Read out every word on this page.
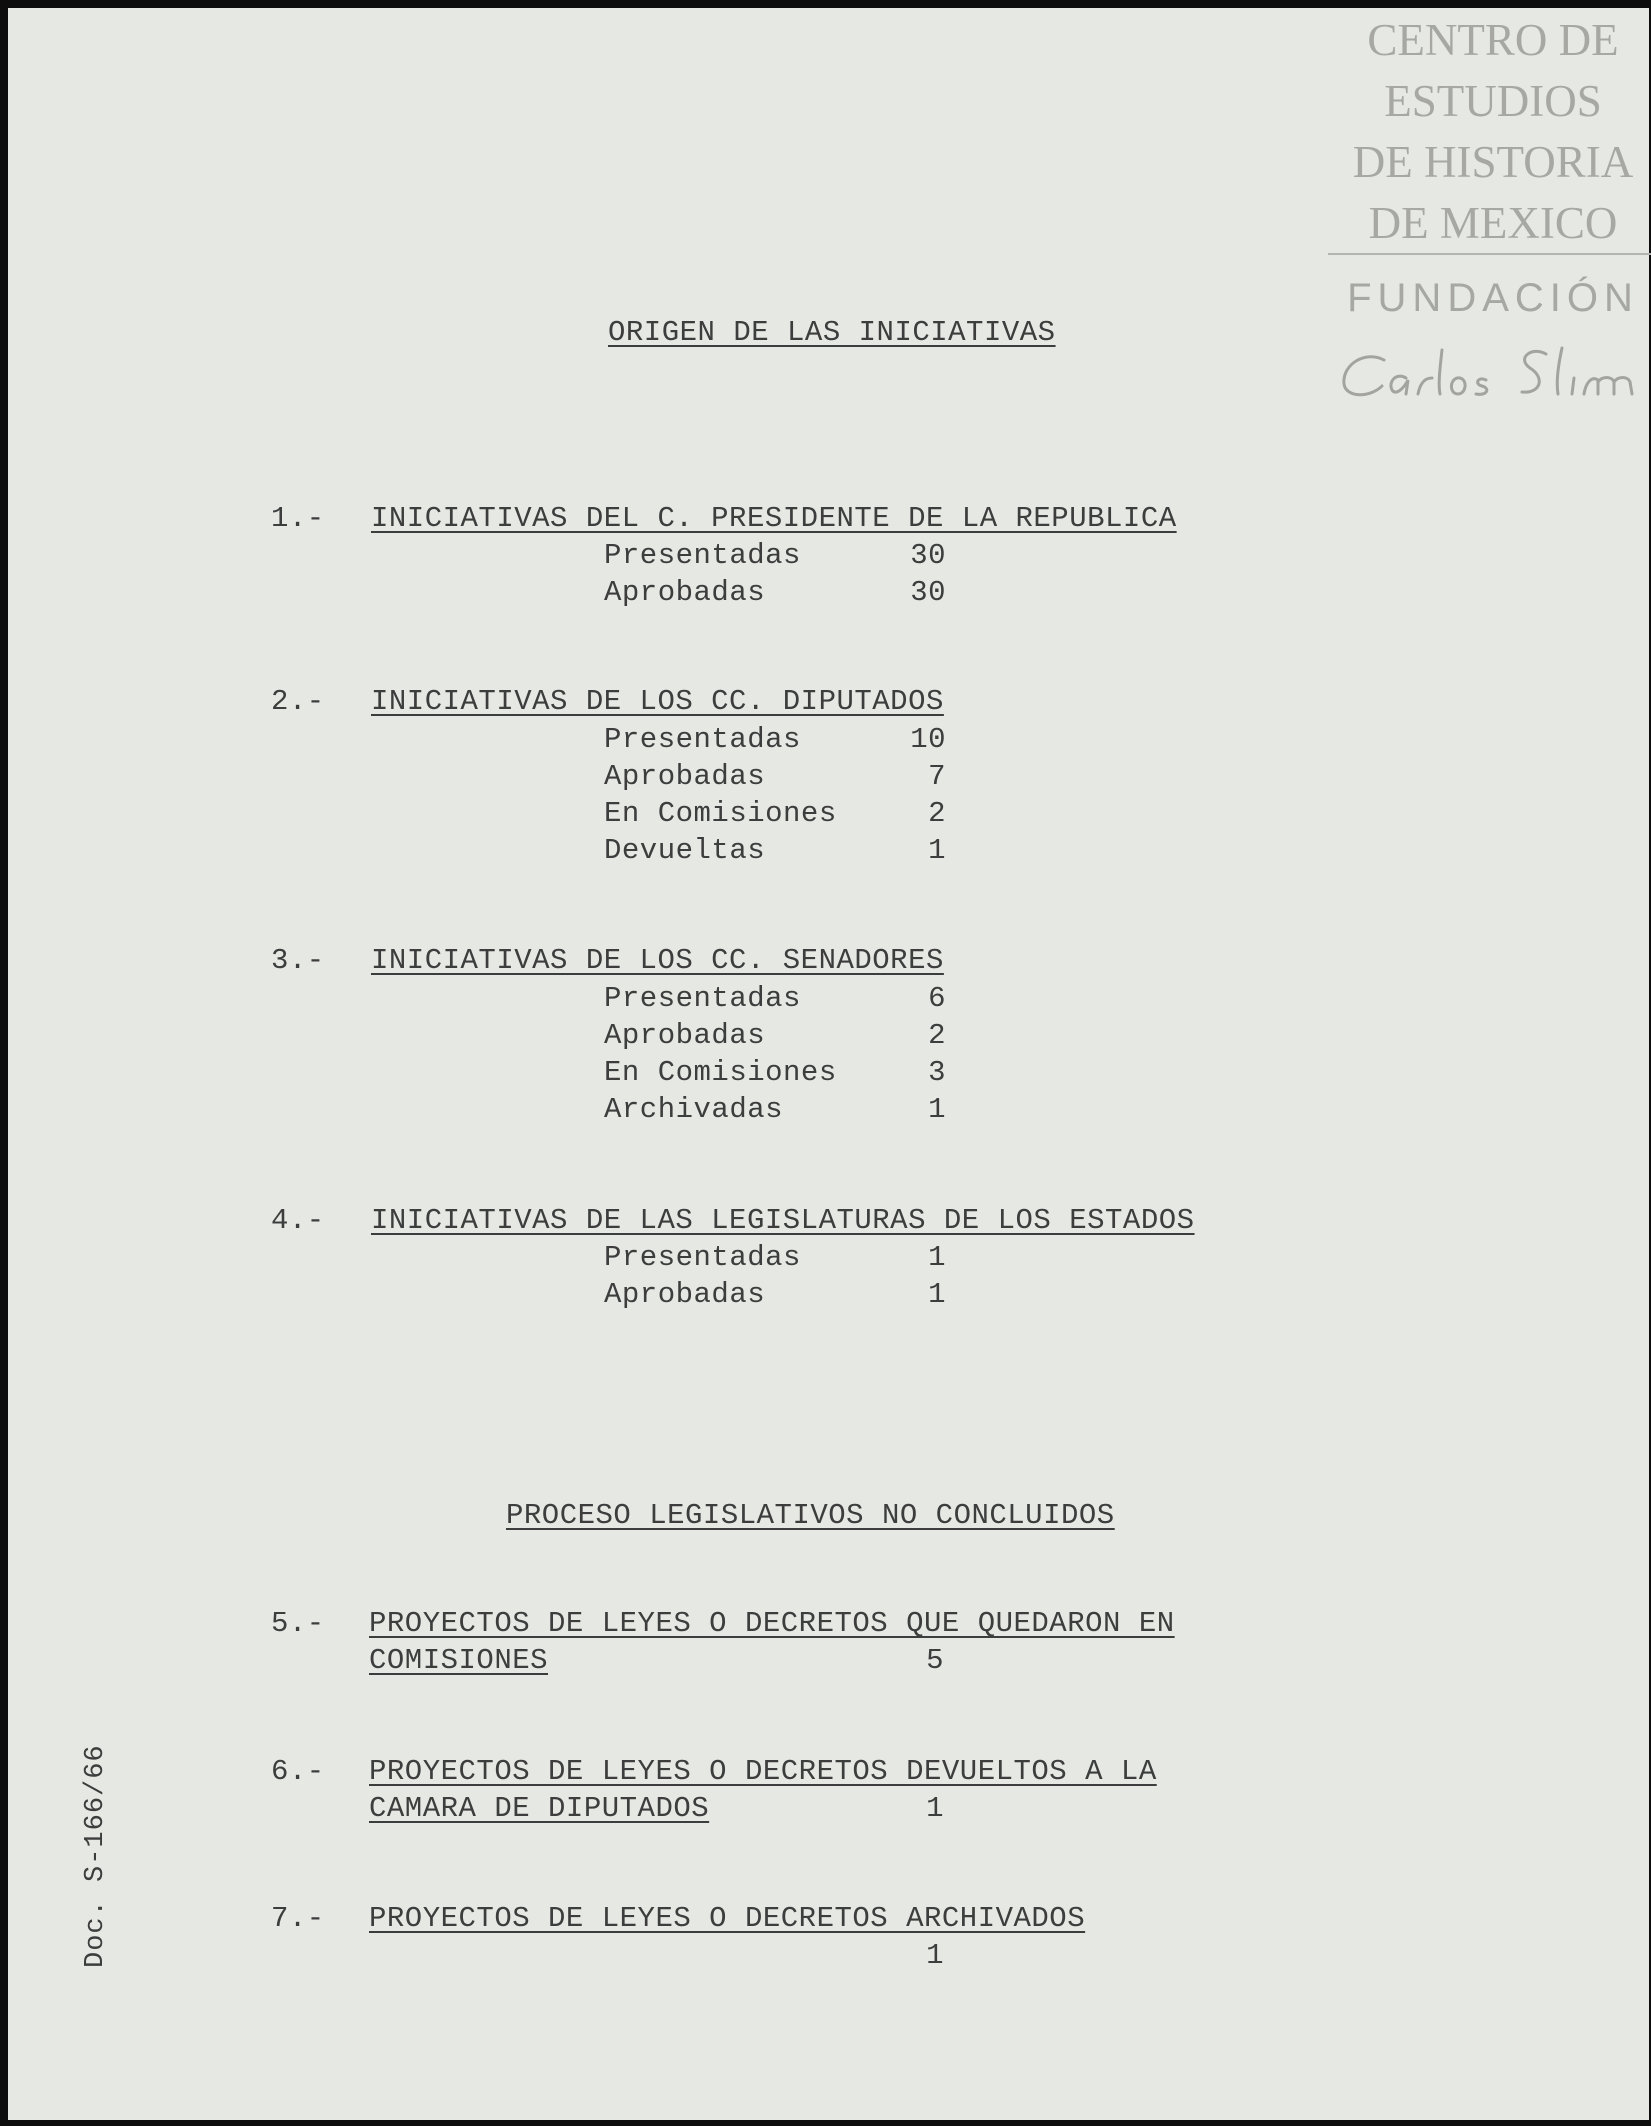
CENTRO DE
ESTUDIOS
DE HISTORIA
DE MEXICO
FUNDACIÓN
ORIGEN DE LAS INICIATIVAS
1.- INICIATIVAS DEL C. PRESIDENTE DE LA REPUBLICA
Presentadas	30
Aprobadas	30
2.- INICIATIVAS DE LOS CC. DIPUTADOS
Presentadas	10
Aprobadas	7
En Comisiones	2
Devueltas	1
3.- INICIATIVAS DE LOS CC. SENADORES
Presentadas	6
Aprobadas	2
En Comisiones	3
Archivadas	1
4.- INICIATIVAS DE LAS LEGISLATURAS DE LOS ESTADOS
Presentadas	1
Aprobadas	1
PROCESO LEGISLATIVOS NO CONCLUIDOS
5.- PROYECTOS DE LEYES O DECRETOS QUE QUEDARON EN
COMISIONES	5
6.- PROYECTOS DE LEYES O DECRETOS DEVUELTOS A LA
CAMARA DE DIPUTADOS	1
7.- PROYECTOS DE LEYES O DECRETOS ARCHIVADOS
1
Doc. S-166/66
